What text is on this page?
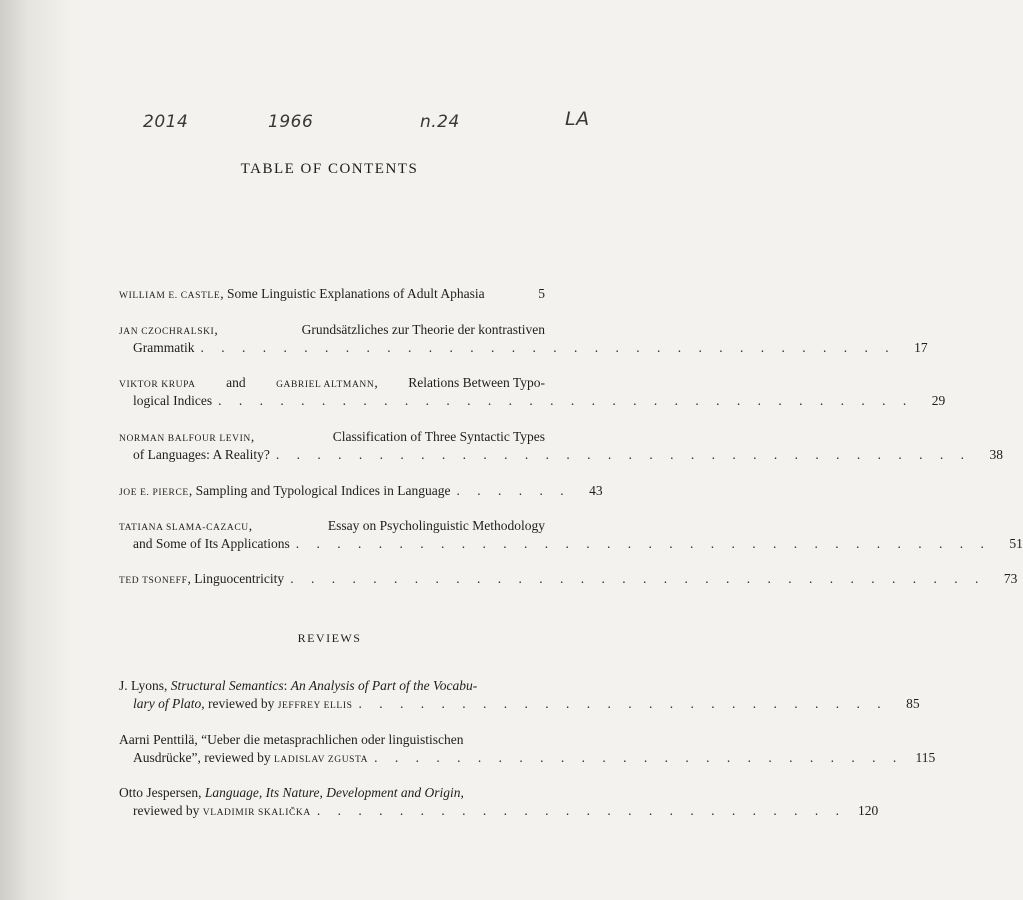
2014	1966	n.24	LA
TABLE OF CONTENTS
WILLIAM E. CASTLE , Some Linguistic Explanations of Adult Aphasia	5
JAN CZOCHRALSKI,	Grundsätzliches zur Theorie der kontrastiven
Grammatik . . . . . . . . . . . . . . . . . . . . . . . . . . . . . . . . . .	17
VIKTOR KRUPA and	GABRIEL ALTMANN, Relations Between Typo-
logical Indices . . . . . . . . . . . . . . . . . . . . . . . . . . . . . . . . . .	29
NORMAN BALFOUR LEVIN,	Classification of Three Syntactic Types
of Languages: A Reality? . . . . . . . . . . . . . . . . . . . . . . . . . . . . . . . . . .	38
JOE E. PIERCE , Sampling and Typological Indices in Language . . . . . .	43
TATIANA SLAMA-CAZACU,	Essay on Psycholinguistic Methodology
and Some of Its Applications . . . . . . . . . . . . . . . . . . . . . . . . . . . . . . . . . .	51
TED TSONEFF , Linguocentricity . . . . . . . . . . . . . . . . . . . . . . . . . . . . . . . . . .	73
REVIEWS
J. Lyons, Structural Semantics : An Analysis of Part of the Vocabu-
lary of Plato , reviewed by JEFFREY ELLIS . . . . . . . . . . . . . . . . . . . . . . . . . .	85
Aarni Penttilä, “Ueber die metasprachlichen oder linguistischen
Ausdrücke”, reviewed by LADISLAV ZGUSTA . . . . . . . . . . . . . . . . . . . . . . . . . . 115
Otto Jespersen, Language, Its Nature, Development and Origin,
reviewed by VLADIMIR SKALIČKA . . . . . . . . . . . . . . . . . . . . . . . . . . 120
